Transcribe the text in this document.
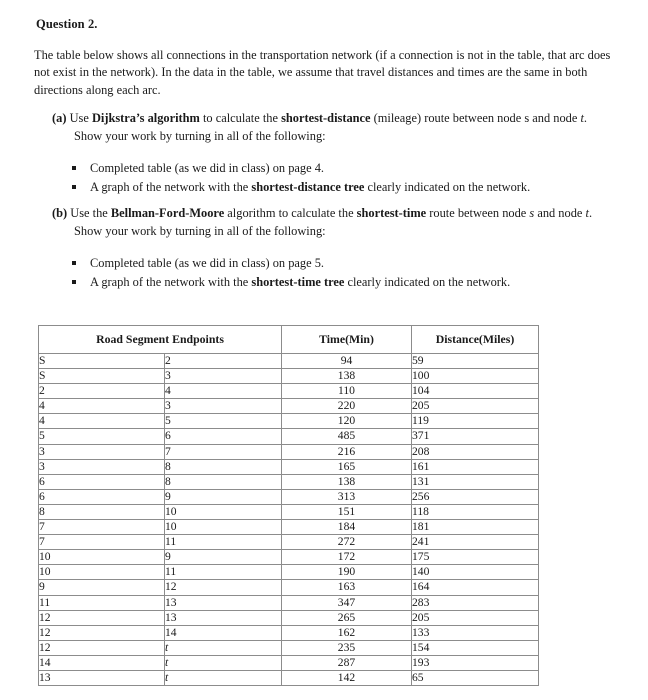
Question 2.
The table below shows all connections in the transportation network (if a connection is not in the table, that arc does not exist in the network). In the data in the table, we assume that travel distances and times are the same in both directions along each arc.
(a) Use Dijkstra’s algorithm to calculate the shortest-distance (mileage) route between node s and node t. Show your work by turning in all of the following:
Completed table (as we did in class) on page 4.
A graph of the network with the shortest-distance tree clearly indicated on the network.
(b) Use the Bellman-Ford-Moore algorithm to calculate the shortest-time route between node s and node t. Show your work by turning in all of the following:
Completed table (as we did in class) on page 5.
A graph of the network with the shortest-time tree clearly indicated on the network.
Road Segment Endpoints		Time(Min)	Distance(Miles)
S	2	94	59
S	3	138	100
2	4	110	104
4	3	220	205
4	5	120	119
5	6	485	371
3	7	216	208
3	8	165	161
6	8	138	131
6	9	313	256
8	10	151	118
7	10	184	181
7	11	272	241
10	9	172	175
10	11	190	140
9	12	163	164
11	13	347	283
12	13	265	205
12	14	162	133
12	t	235	154
14	t	287	193
13	t	142	65
